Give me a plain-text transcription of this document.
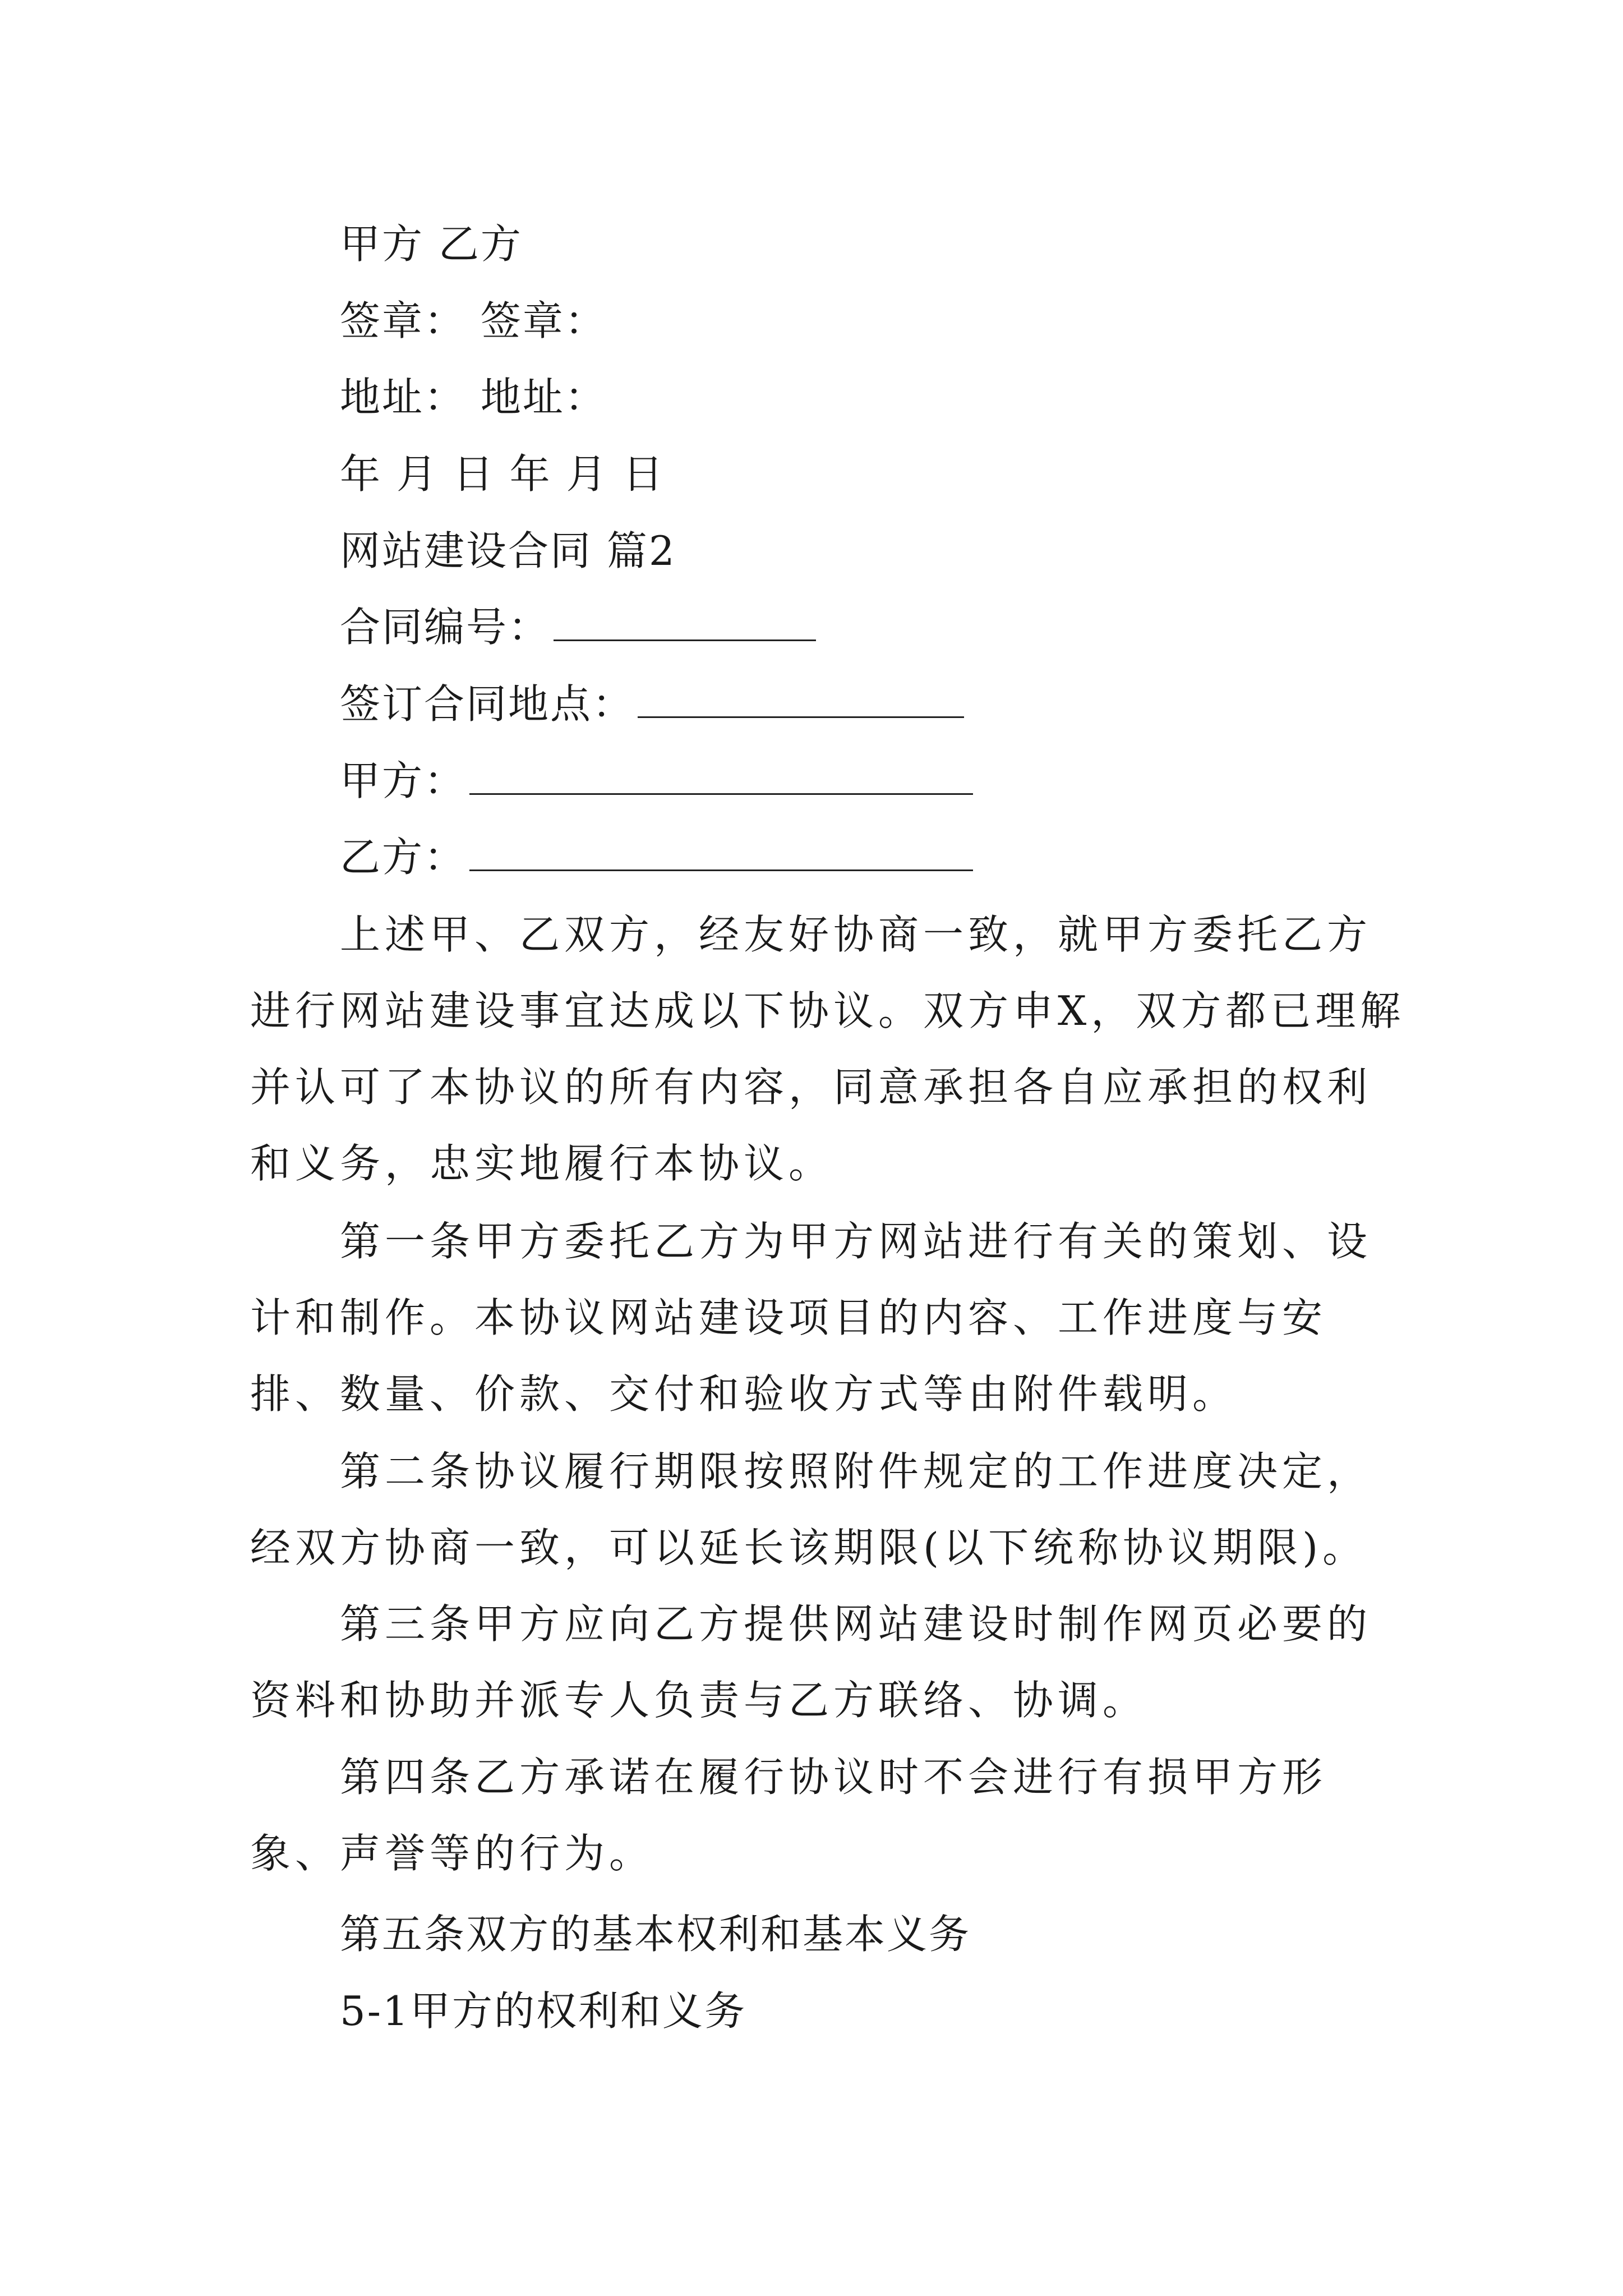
甲方 乙方
签章： 签章：
地址： 地址：
年 月 日 年 月 日
网站建设合同 篇2
合同编号：
签订合同地点：
甲方：
乙方：
上述甲、乙双方，经友好协商一致，就甲方委托乙方进行网站建设事宜达成以下协议。双方申X，双方都已理解并认可了本协议的所有内容，同意承担各自应承担的权利和义务，忠实地履行本协议。
第一条甲方委托乙方为甲方网站进行有关的策划、设计和制作。本协议网站建设项目的内容、工作进度与安排、数量、价款、交付和验收方式等由附件载明。
第二条协议履行期限按照附件规定的工作进度决定，经双方协商一致，可以延长该期限(以下统称协议期限)。
第三条甲方应向乙方提供网站建设时制作网页必要的资料和协助并派专人负责与乙方联络、协调。
第四条乙方承诺在履行协议时不会进行有损甲方形象、声誉等的行为。
第五条双方的基本权利和基本义务
5-1甲方的权利和义务
